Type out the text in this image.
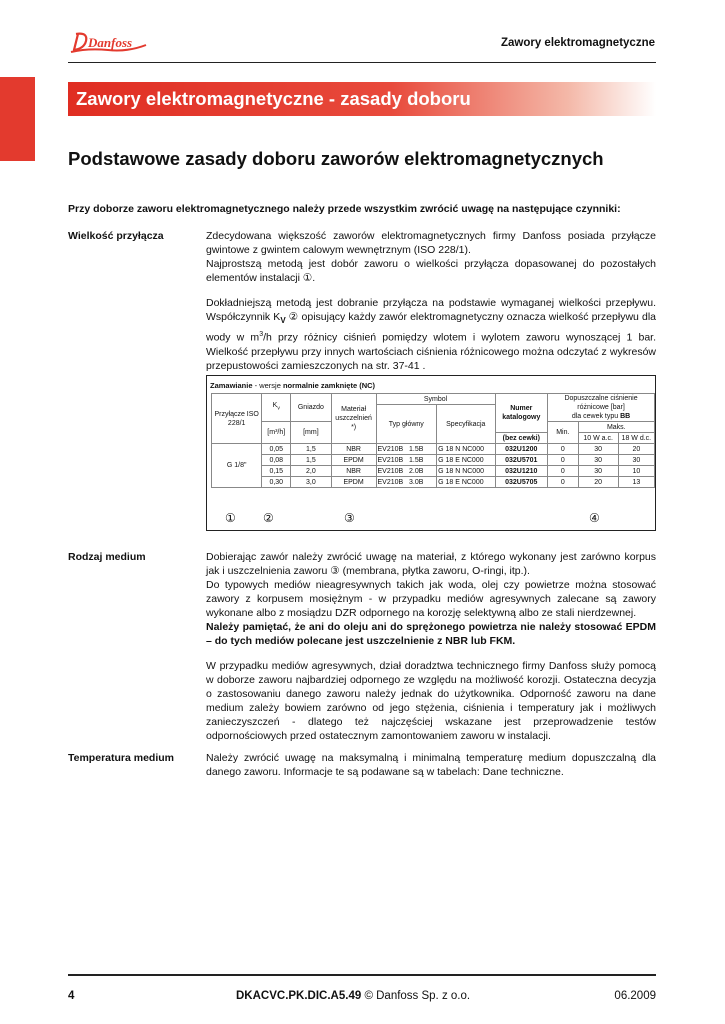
Danfoss	Zawory elektromagnetyczne
Zawory elektromagnetyczne - zasady doboru
Podstawowe zasady doboru zaworów elektromagnetycznych
Przy doborze zaworu elektromagnetycznego należy przede wszystkim zwrócić uwagę na następujące czynniki:
Wielkość przyłącza	Zdecydowana większość zaworów elektromagnetycznych firmy Danfoss posiada przyłącze gwintowe z gwintem calowym wewnętrznym (ISO 228/1).

Najprostszą metodą jest dobór zaworu o wielkości przyłącza dopasowanej do pozostałych elementów instalacji ①.

Dokładniejszą metodą jest dobranie przyłącza na podstawie wymaganej wielkości przepływu. Współczynnik $K_V$ ② opisujący każdy zawór elektromagnetyczny oznacza wielkość przepływu dla wody w $m^3/h$ przy różnicy ciśnień pomiędzy wlotem i wylotem zaworu wynoszącej 1 bar. Wielkość przepływu przy innych wartościach ciśnienia różnicowego można odczytać z wykresów przepustowości zamieszczonych na str. 37-41 .

Zamawianie - wersje normalnie zamknięte (NC)
Przyłącze ISO 228/1	$K_v$	Gniazdo	Materiał uszczelnień *)	Symbol		Numer katalogowy	Dopuszczalne ciśnienie różnicowe [bar]
dla cewek typu BB		
				Typ główny	Specyfikacja				
	[m³/h]	[mm]					Min.	Maks.	
						(bez cewki)		10 W a.c.	18 W d.c.
G 1/8"	0,05	1,5	NBR	EV210B   1.5B	G 18 N NC000	032U1200	0	30	20
	0,08	1,5	EPDM	EV210B   1.5B	G 18 E NC000	032U5701	0	30	30
	0,15	2,0	NBR	EV210B   2.0B	G 18 N NC000	032U1210	0	30	10
	0,30	3,0	EPDM	EV210B   3.0B	G 18 E NC000	032U5705	0	20	13
① ②	③	④
Rodzaj medium	Dobierając zawór należy zwrócić uwagę na materiał, z którego wykonany jest zarówno korpus jak i uszczelnienia zaworu ③ (membrana, płytka zaworu, O-ringi, itp.).

Do typowych mediów nieagresywnych takich jak woda, olej czy powietrze można stosować zawory z korpusem mosiężnym - w przypadku mediów agresywnych zalecane są zawory wykonane albo z mosiądzu DZR odpornego na korozję selektywną albo ze stali nierdzewnej.

Należy pamiętać, że ani do oleju ani do sprężonego powietrza nie należy stosować EPDM – do tych mediów polecane jest uszczelnienie z NBR lub FKM.

W przypadku mediów agresywnych, dział doradztwa technicznego firmy Danfoss służy pomocą w doborze zaworu najbardziej odpornego ze względu na możliwość korozji. Ostateczna decyzja o zastosowaniu danego zaworu należy jednak do użytkownika. Odporność zaworu na dane medium zależy bowiem zarówno od jego stężenia, ciśnienia i temperatury jak i możliwych zanieczyszczeń - dlatego też najczęściej wskazane jest przeprowadzenie testów odpornościowych przed ostatecznym zamontowaniem zaworu w instalacji.

Temperatura medium	Należy zwrócić uwagę na maksymalną i minimalną temperaturę medium dopuszczalną dla danego zaworu. Informacje te są podawane są w tabelach: Dane techniczne.

4	DKACVC.PK.DIC.A5.49 © Danfoss Sp. z o.o.	06.2009
